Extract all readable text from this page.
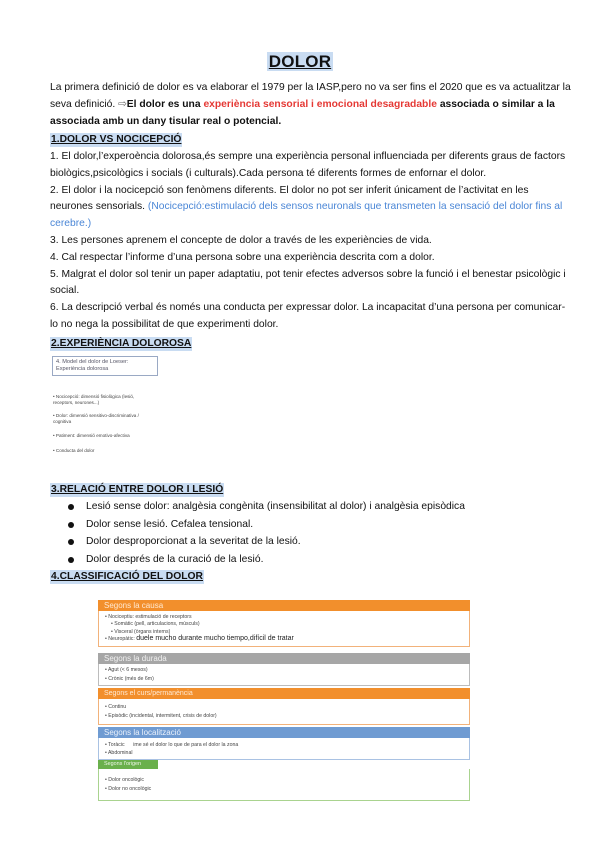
DOLOR
La primera definició de dolor es va elaborar el 1979 per la IASP,pero no va ser fins el 2020 que es va actualitzar la seva definició. ⇨El dolor es una experiència sensorial i emocional desagradable associada o similar a la associada amb un dany tisular real o potencial.
1.DOLOR VS NOCICEPCIÓ
1. El dolor,l’experoència dolorosa,és sempre una experiència personal influenciada per diferents graus de factors biològics,psicològics i socials (i culturals).Cada persona té diferents formes de enfornar el dolor.
2. El dolor i la nocicepció son fenòmens diferents. El dolor no pot ser inferit únicament de l’activitat en les neurones sensorials. (Nocicepció:estimulació dels sensos neuronals que transmeten la sensació del dolor fins al cerebre.)
3. Les persones aprenem el concepte de dolor a través de les experiències de vida.
4. Cal respectar l’informe d’una persona sobre una experiència descrita com a dolor.
5. Malgrat el dolor sol tenir un paper adaptatiu, pot tenir efectes adversos sobre la funció i el benestar psicològic i social.
6. La descripció verbal és només una conducta per expressar dolor. La incapacitat d’una persona per comunicar-lo no nega la possibilitat de que experimenti dolor.
2.EXPERIÈNCIA DOLOROSA
4. Model del dolor de Loeser: Experiència dolorosa
• Nocicepció: dimensió fisiològica (lesió, receptors, neurones...)
• Dolor: dimensió sensitivo-discriminativa / cognitiva
• Patiment: dimensió emotivo-afectiva
• Conducta del dolor
3.RELACIÓ ENTRE DOLOR I LESIÓ
Lesió sense dolor: analgèsia congènita (insensibilitat al dolor) i analgèsia episòdica
Dolor sense lesió. Cefalea tensional.
Dolor desproporcionat a la severitat de la lesió.
Dolor després de la curació de la lesió.
4.CLASSIFICACIÓ DEL DOLOR
Segons la causa
• Nociceptiu: estimulació de receptors
• Somàtic (pell, articulacions, músculs)
• Visceral (òrgans interns)
• Neuropàtic: duele mucho durante mucho tiempo,difícil de tratar
Segons la durada
• Agut (< 6 mesos)
• Crònic (més de 6m)
Segons el curs/permanència
• Continu
• Episòdic (incidental, intermitent, crisis de dolor)
Segons la localització
• Toràcic ime sé el dolor lo que de para el dolor la zona
• Abdominal
Segons l'origen
• Dolor oncològic
• Dolor no oncològic
